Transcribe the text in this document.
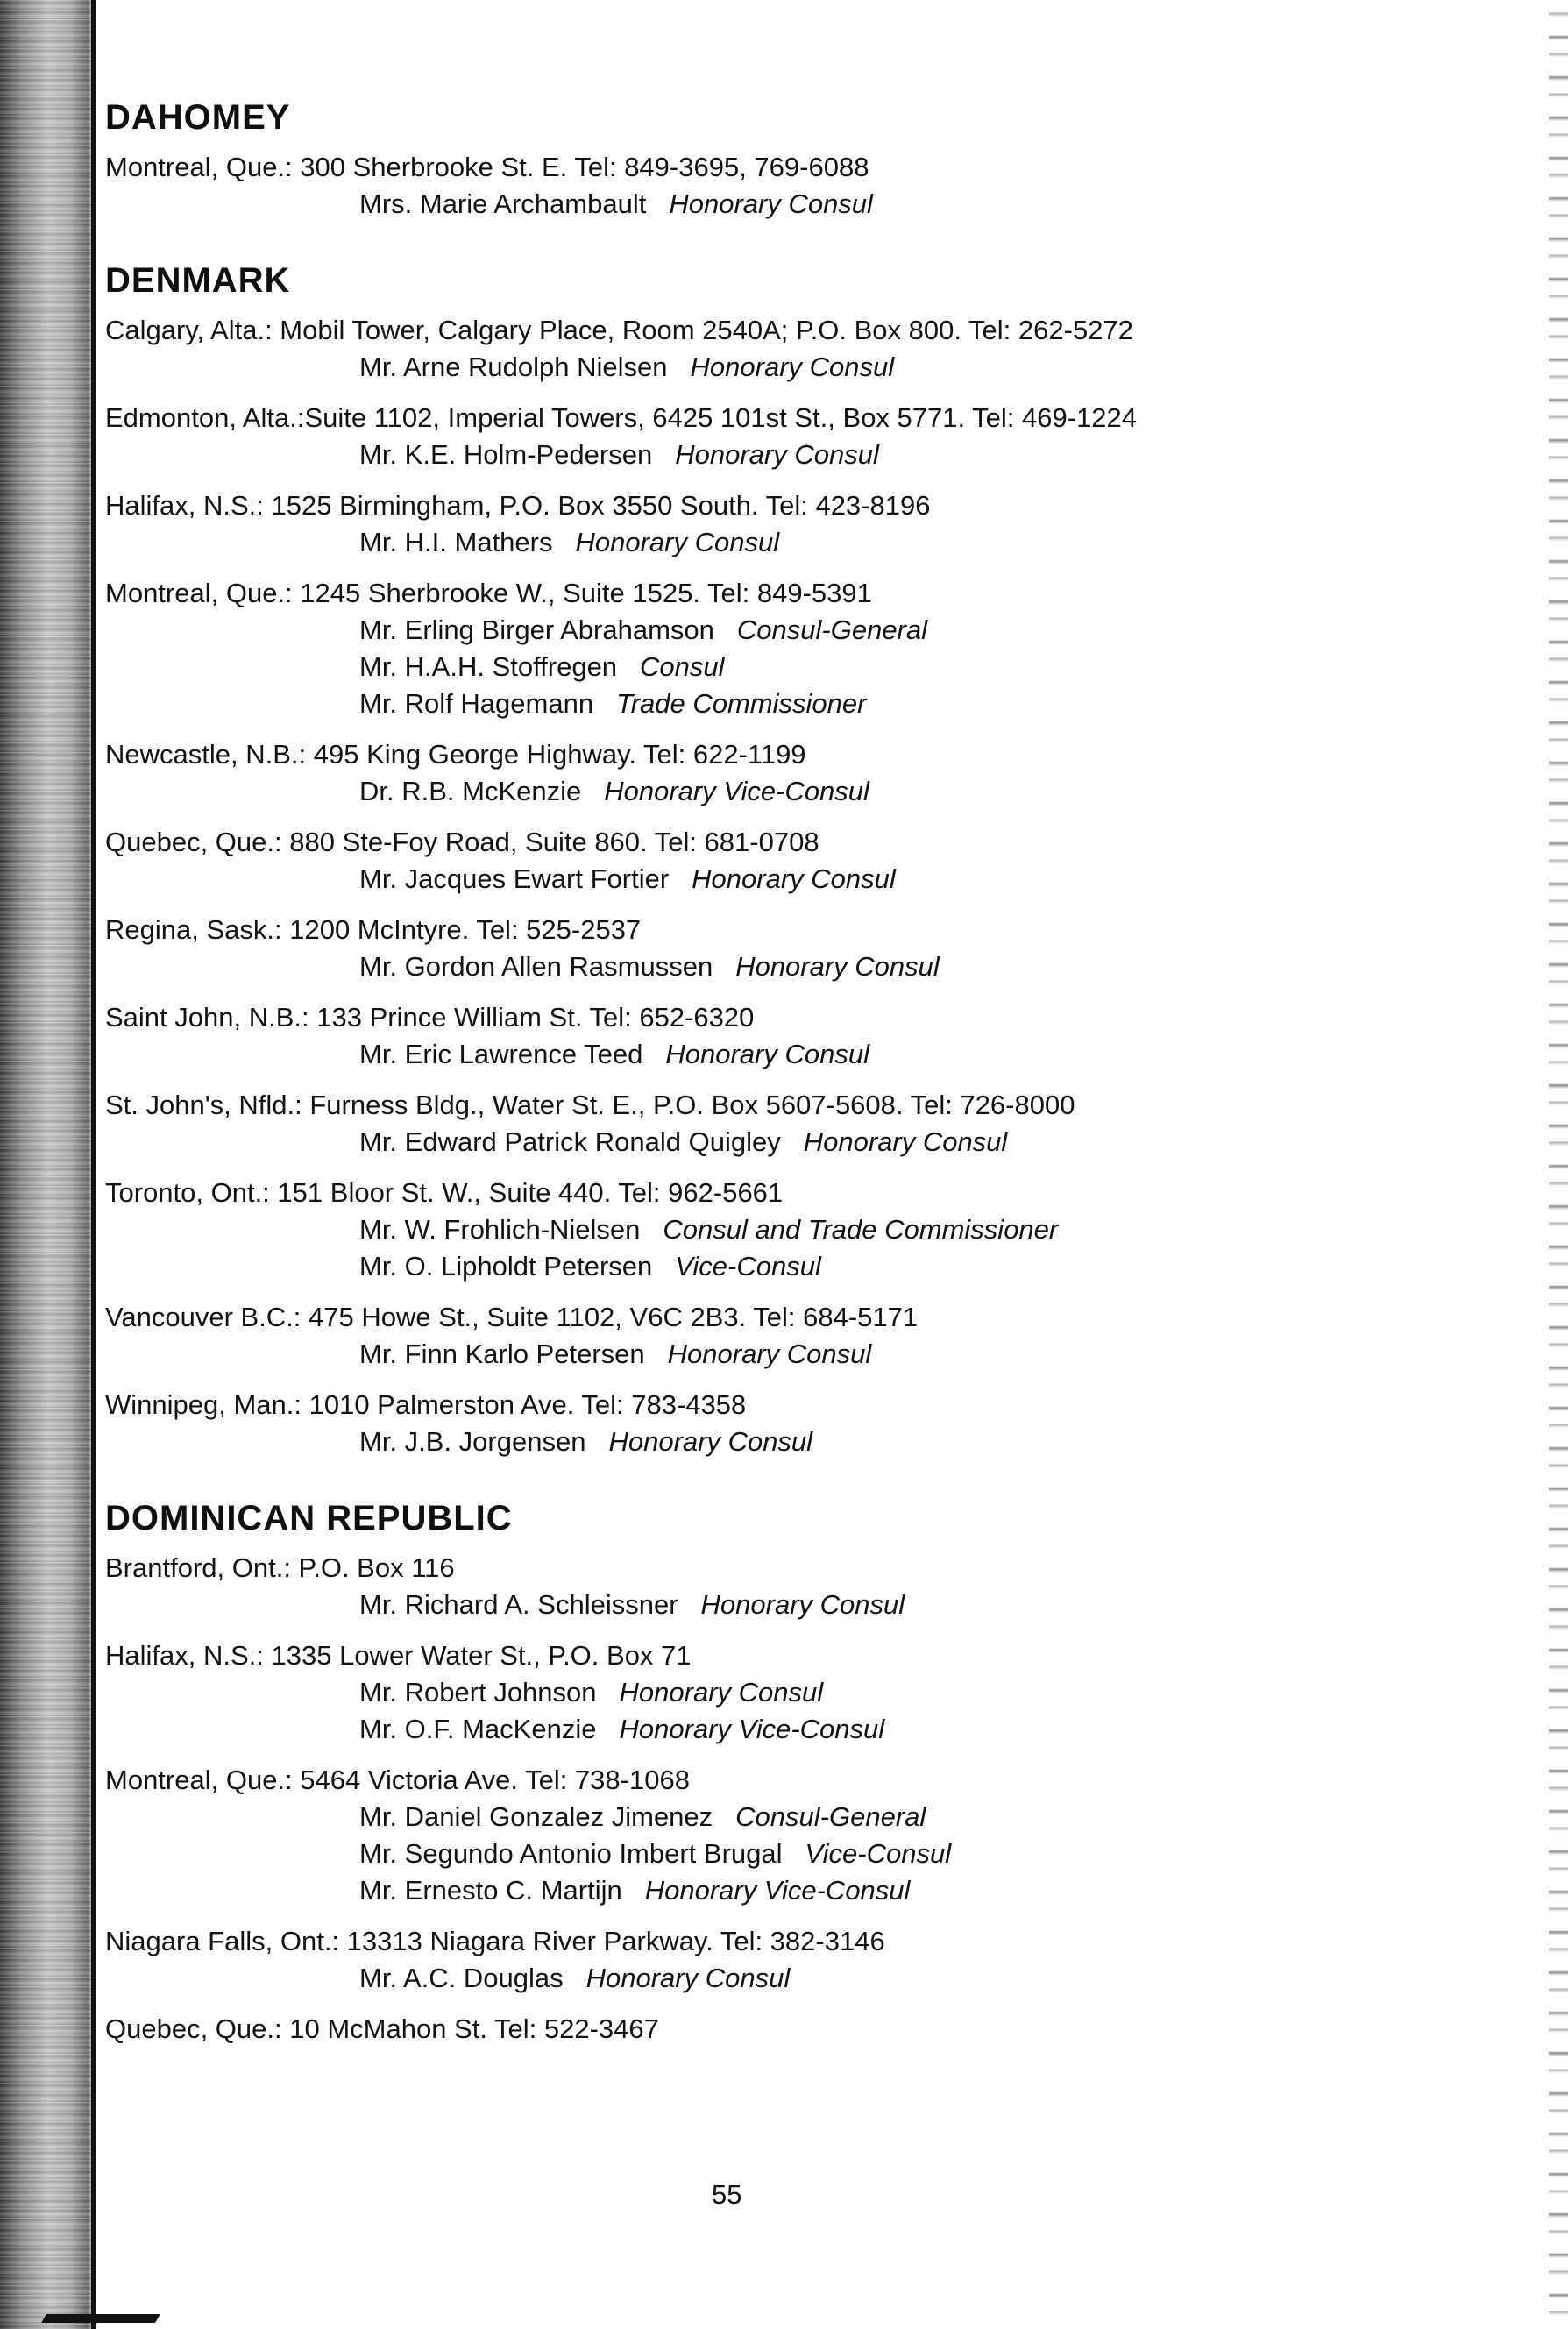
DAHOMEY
Montreal, Que.: 300 Sherbrooke St. E. Tel: 849-3695, 769-6088
Mrs. Marie Archambault Honorary Consul
DENMARK
Calgary, Alta.: Mobil Tower, Calgary Place, Room 2540A; P.O. Box 800. Tel: 262-5272
Mr. Arne Rudolph Nielsen Honorary Consul
Edmonton, Alta.:Suite 1102, Imperial Towers, 6425 101st St., Box 5771. Tel: 469-1224
Mr. K.E. Holm-Pedersen Honorary Consul
Halifax, N.S.: 1525 Birmingham, P.O. Box 3550 South. Tel: 423-8196
Mr. H.I. Mathers Honorary Consul
Montreal, Que.: 1245 Sherbrooke W., Suite 1525. Tel: 849-5391
Mr. Erling Birger Abrahamson Consul-General
Mr. H.A.H. Stoffregen Consul
Mr. Rolf Hagemann Trade Commissioner
Newcastle, N.B.: 495 King George Highway. Tel: 622-1199
Dr. R.B. McKenzie Honorary Vice-Consul
Quebec, Que.: 880 Ste-Foy Road, Suite 860. Tel: 681-0708
Mr. Jacques Ewart Fortier Honorary Consul
Regina, Sask.: 1200 McIntyre. Tel: 525-2537
Mr. Gordon Allen Rasmussen Honorary Consul
Saint John, N.B.: 133 Prince William St. Tel: 652-6320
Mr. Eric Lawrence Teed Honorary Consul
St. John's, Nfld.: Furness Bldg., Water St. E., P.O. Box 5607-5608. Tel: 726-8000
Mr. Edward Patrick Ronald Quigley Honorary Consul
Toronto, Ont.: 151 Bloor St. W., Suite 440. Tel: 962-5661
Mr. W. Frohlich-Nielsen Consul and Trade Commissioner
Mr. O. Lipholdt Petersen Vice-Consul
Vancouver B.C.: 475 Howe St., Suite 1102, V6C 2B3. Tel: 684-5171
Mr. Finn Karlo Petersen Honorary Consul
Winnipeg, Man.: 1010 Palmerston Ave. Tel: 783-4358
Mr. J.B. Jorgensen Honorary Consul
DOMINICAN REPUBLIC
Brantford, Ont.: P.O. Box 116
Mr. Richard A. Schleissner Honorary Consul
Halifax, N.S.: 1335 Lower Water St., P.O. Box 71
Mr. Robert Johnson Honorary Consul
Mr. O.F. MacKenzie Honorary Vice-Consul
Montreal, Que.: 5464 Victoria Ave. Tel: 738-1068
Mr. Daniel Gonzalez Jimenez Consul-General
Mr. Segundo Antonio Imbert Brugal Vice-Consul
Mr. Ernesto C. Martijn Honorary Vice-Consul
Niagara Falls, Ont.: 13313 Niagara River Parkway. Tel: 382-3146
Mr. A.C. Douglas Honorary Consul
Quebec, Que.: 10 McMahon St. Tel: 522-3467
55
